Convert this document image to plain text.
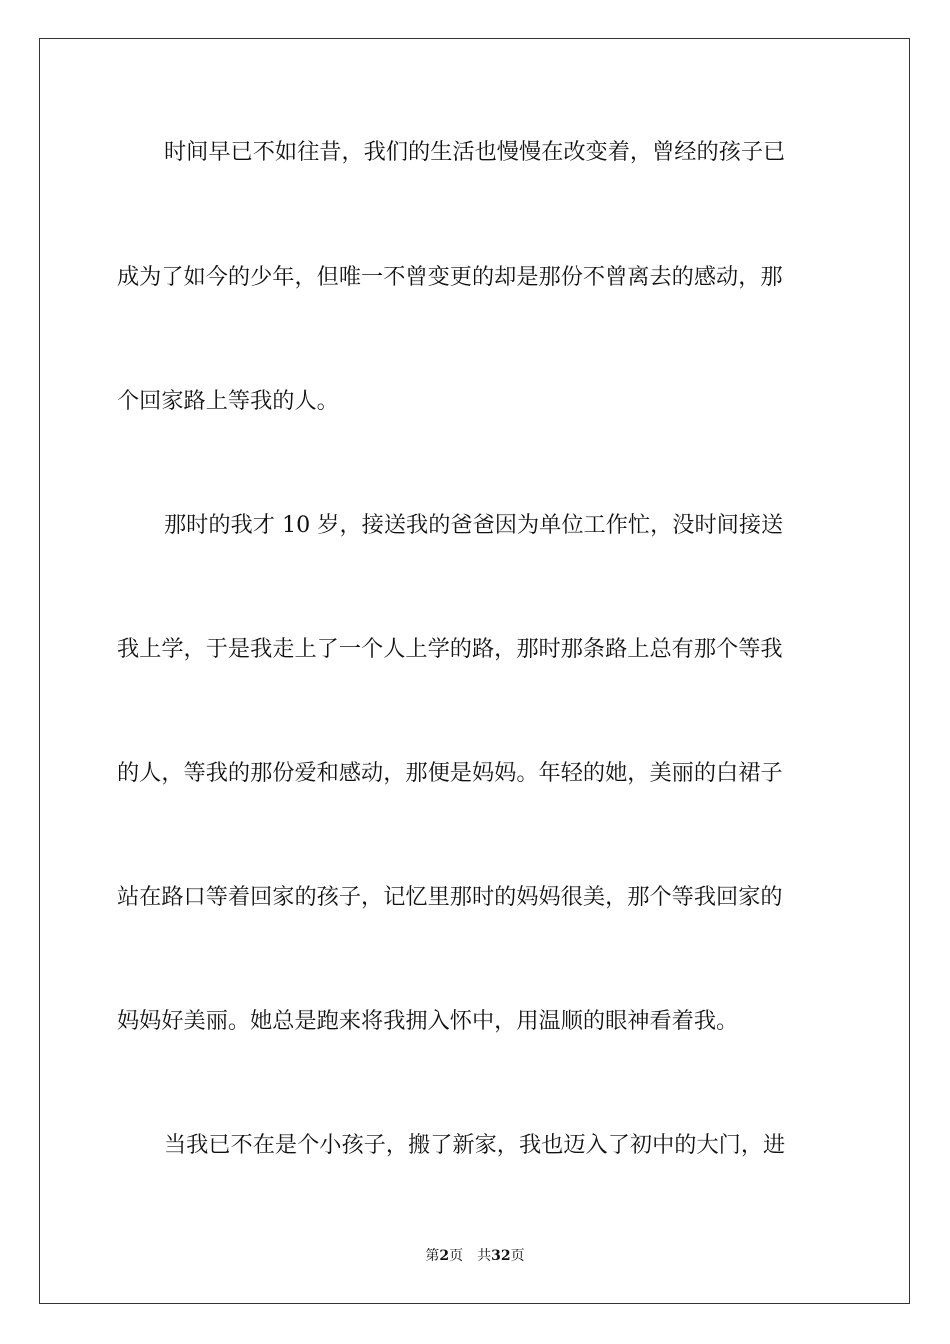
时间早已不如往昔，我们的生活也慢慢在改变着，曾经的孩子已
成为了如今的少年，但唯一不曾变更的却是那份不曾离去的感动，那
个回家路上等我的人。
那时的我才 10 岁，接送我的爸爸因为单位工作忙，没时间接送
我上学，于是我走上了一个人上学的路，那时那条路上总有那个等我
的人，等我的那份爱和感动，那便是妈妈。年轻的她，美丽的白裙子
站在路口等着回家的孩子，记忆里那时的妈妈很美，那个等我回家的
妈妈好美丽。她总是跑来将我拥入怀中，用温顺的眼神看着我。
当我已不在是个小孩子，搬了新家，我也迈入了初中的大门，进
第2页 共32页
